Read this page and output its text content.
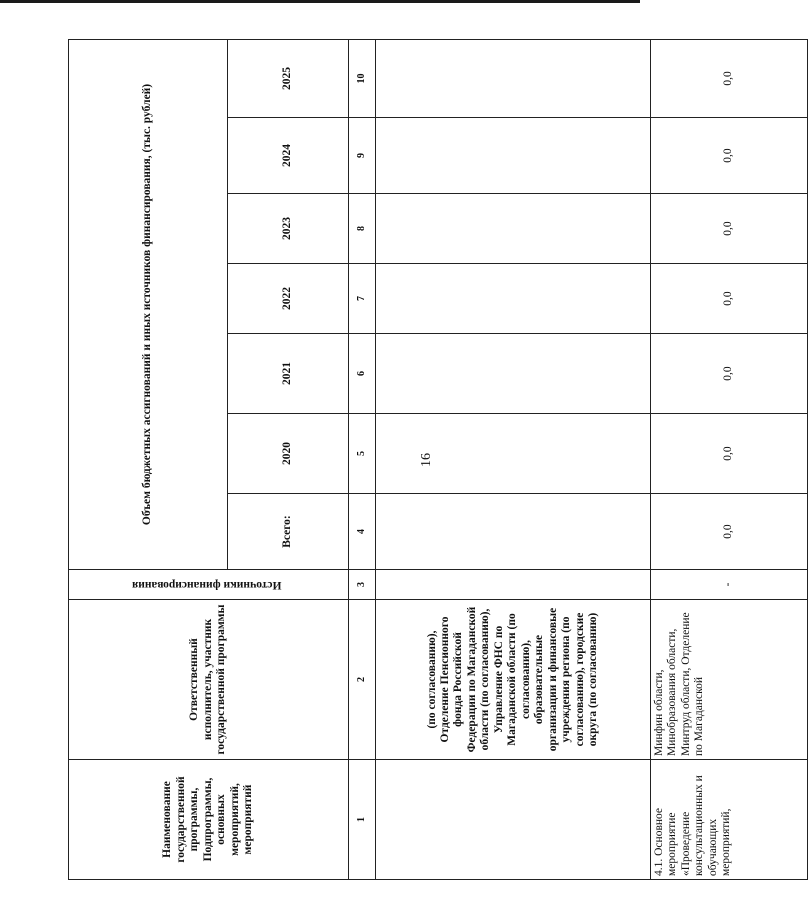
16
Наименование государственной программы, Подпрограммы, основных мероприятий, мероприятий	Ответственный исполнитель, участник государственной программы	Источники финансирования	Объем бюджетных ассигнований и иных источников финансирования, (тыс. рублей)						
			Всего:	2020	2021	2022	2023	2024	2025
1	2	3	4	5	6	7	8	9	10
	(по согласованию), Отделение Пенсионного фонда Российской Федерации по Магаданской области (по согласованию), Управление ФНС по Магаданской области (по согласованию), образовательные организации и финансовые учреждения региона (по согласованию), городские округа (по согласованию)								
4.1. Основное мероприятие «Проведение консультационных и обучающих мероприятий,	Минфин области, Минобразования области, Минтруд области, Отделение по Магаданской	-	0,0	0,0	0,0	0,0	0,0	0,0	0,0
